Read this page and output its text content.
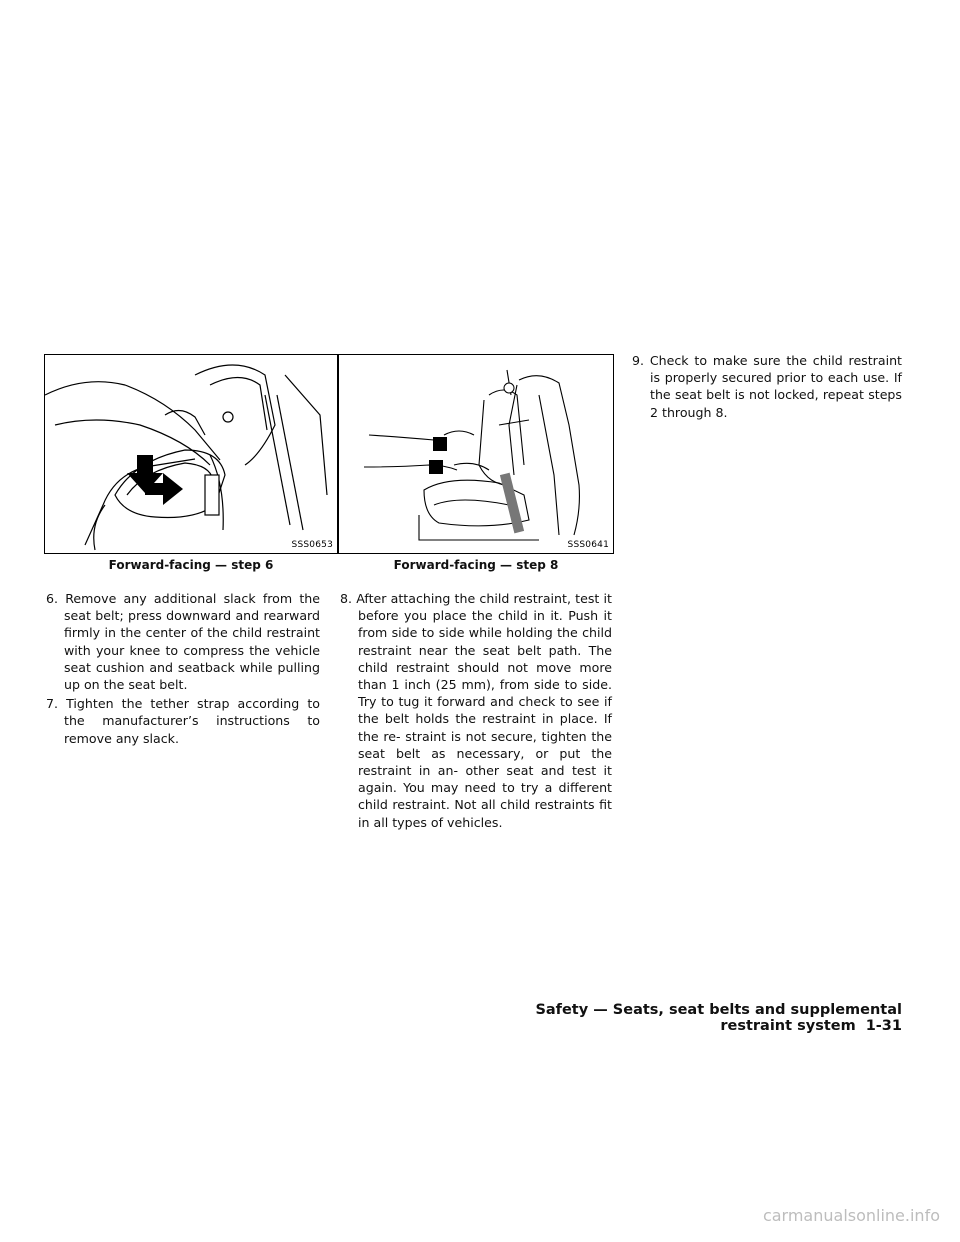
SSS0653
Forward-facing — step 6
SSS0641
Forward-facing — step 8

6. Remove any additional slack from the seat belt; press downward and rearward firmly in the center of the child restraint with your knee to compress the vehicle seat cushion and seatback while pulling up on the seat belt.

7. Tighten the tether strap according to the manufacturer’s instructions to remove any slack.

8. After attaching the child restraint, test it before you place the child in it. Push it from side to side while holding the child restraint near the seat belt path. The child restraint should not move more than 1 inch (25 mm), from side to side. Try to tug it forward and check to see if the belt holds the restraint in place. If the re- straint is not secure, tighten the seat belt as necessary, or put the restraint in an- other seat and test it again. You may need to try a different child restraint. Not all child restraints fit in all types of vehicles.

9. Check to make sure the child restraint is properly secured prior to each use. If the seat belt is not locked, repeat steps 2 through 8.

Safety — Seats, seat belts and supplemental restraint system 1-31
carmanualsonline.info
